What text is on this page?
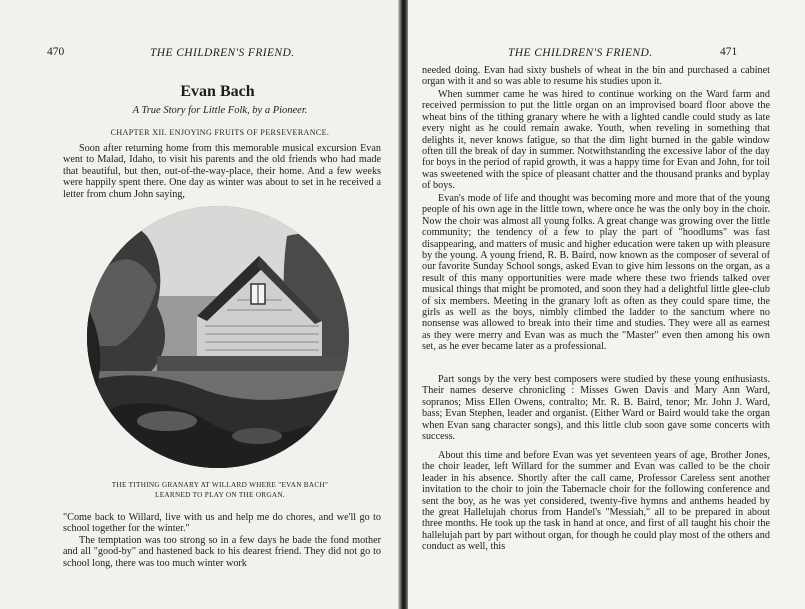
470	THE CHILDREN'S FRIEND.
Evan Bach
A True Story for Little Folk, by a Pioneer.
CHAPTER XII. ENJOYING FRUITS OF PERSEVERANCE.
Soon after returning home from this memorable musical excursion Evan went to Malad, Idaho, to visit his parents and the old friends who had made that beautiful, but then, out-of-the-way-place, their home. And a few weeks were happily spent there. One day as winter was about to set in he received a letter from chum John saying,
THE TITHING GRANARY AT WILLARD WHERE "EVAN BACH" LEARNED TO PLAY ON THE ORGAN.
"Come back to Willard, live with us and help me do chores, and we'll go to school together for the winter."
The temptation was too strong so in a few days he bade the fond mother and all "good-by" and hastened back to his dearest friend. They did not go to school long, there was too much winter work
THE CHILDREN'S FRIEND.	471
needed doing. Evan had sixty bushels of wheat in the bin and purchased a cabinet organ with it and so was able to resume his studies upon it.
When summer came he was hired to continue working on the Ward farm and received permission to put the little organ on an improvised board floor above the wheat bins of the tithing granary where he with a lighted candle could study as late every night as he could remain awake. Youth, when reveling in something that delights it, never knows fatigue, so that the dim light burned in the gable window often till the break of day in summer. Notwithstanding the excessive labor of the day for boys in the period of rapid growth, it was a happy time for Evan and John, for toil was sweetened with the spice of pleasant chatter and the thousand pranks and byplay of boys.
Evan's mode of life and thought was becoming more and more that of the young people of his own age in the little town, where once he was the only boy in the choir. Now the choir was almost all young folks. A great change was growing over the little community; the tendency of a few to play the part of "hoodlums" was fast disappearing, and matters of music and higher education were taken up with pleasure by the young. A young friend, R. B. Baird, now known as the composer of several of our favorite Sunday School songs, asked Evan to give him lessons on the organ, as a result of this many opportunities were made where these two friends talked over musical things that might be promoted, and soon they had a delightful little glee-club of six members. Meeting in the granary loft as often as they could spare time, the girls as well as the boys, nimbly climbed the ladder to the sanctum where no nonsense was allowed to break into their time and studies. They were all as earnest as they were merry and Evan was as much the "Master" even then among his own set, as he ever became later as a professional.
Part songs by the very best composers were studied by these young enthusiasts. Their names deserve chronicling : Misses Gwen Davis and Mary Ann Ward, sopranos; Miss Ellen Owens, contralto; Mr. R. B. Baird, tenor; Mr. John J. Ward, bass; Evan Stephen, leader and organist. (Either Ward or Baird would take the organ when Evan sang character songs), and this little club soon gave some concerts with success.
About this time and before Evan was yet seventeen years of age, Brother Jones, the choir leader, left Willard for the summer and Evan was called to be the choir leader in his absence. Shortly after the call came, Professor Careless sent another invitation to the choir to join the Tabernacle choir for the following conference and sent the boy, as he was yet considered, twenty-five hymns and anthems headed by the great Hallelujah chorus from Handel's "Messiah," all to be prepared in about three months. He took up the task in hand at once, and first of all taught his choir the hallelujah part by part without organ, for though he could play most of the others and conduct as well, this
